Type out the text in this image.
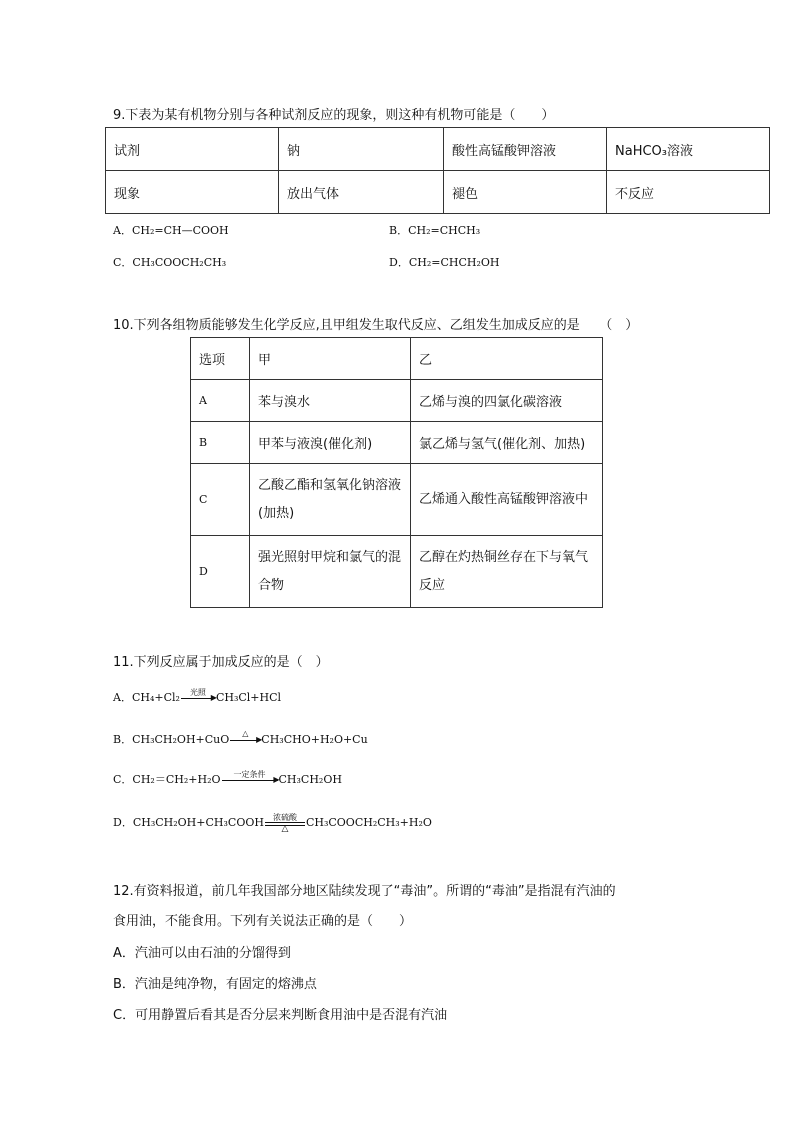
9.下表为某有机物分别与各种试剂反应的现象，则这种有机物可能是（　　）
试剂	钠	酸性高锰酸钾溶液	NaHCO₃溶液
现象	放出气体	褪色	不反应
A．CH₂=CH—COOH	B．CH₂=CHCH₃
C．CH₃COOCH₂CH₃	D．CH₂=CHCH₂OH
10.下列各组物质能够发生化学反应,且甲组发生取代反应、乙组发生加成反应的是　　（　）
选项	甲	乙
A	苯与溴水	乙烯与溴的四氯化碳溶液
B	甲苯与液溴(催化剂)	氯乙烯与氢气(催化剂、加热)
C	乙酸乙酯和氢氧化钠溶液(加热)	乙烯通入酸性高锰酸钾溶液中
D	强光照射甲烷和氯气的混合物	乙醇在灼热铜丝存在下与氧气反应
11.下列反应属于加成反应的是（　）
A．CH₄+Cl₂	光照
▶ CH₃Cl+HCl
B．CH₃CH₂OH+CuO	△
▶ CH₃CHO+H₂O+Cu
C．CH₂＝CH₂+H₂O	一定条件
▶ CH₃CH₂OH
D．CH₃CH₂OH+CH₃COOH	浓硫酸
△	CH₃COOCH₂CH₃+H₂O
12.有资料报道，前几年我国部分地区陆续发现了“毒油”。所谓的“毒油”是指混有汽油的
食用油，不能食用。下列有关说法正确的是（　　）
A．汽油可以由石油的分馏得到
B．汽油是纯净物，有固定的熔沸点
C．可用静置后看其是否分层来判断食用油中是否混有汽油
